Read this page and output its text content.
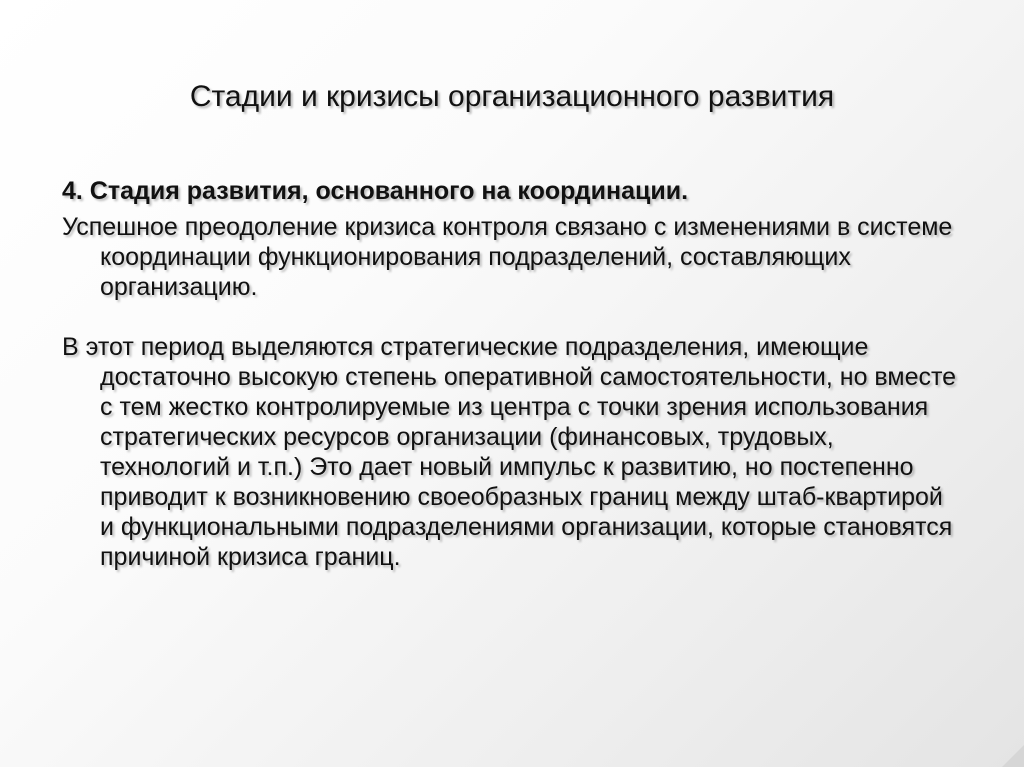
Стадии и кризисы организационного развития
4. Стадия развития, основанного на координации.

Успешное преодоление кризиса контроля связано с изменениями в системе координации функционирования подразделений, составляющих организацию.

В этот период выделяются стратегические подразделения, имеющие достаточно высокую степень оперативной самостоятельности, но вместе с тем жестко контролируемые из центра с точки зрения использования стратегических ресурсов организации (финансовых, трудовых, технологий и т.п.) Это дает новый импульс к развитию, но постепенно приводит к возникновению своеобразных границ между штаб-квартирой и функциональными подразделениями организации, которые становятся причиной кризиса границ.
